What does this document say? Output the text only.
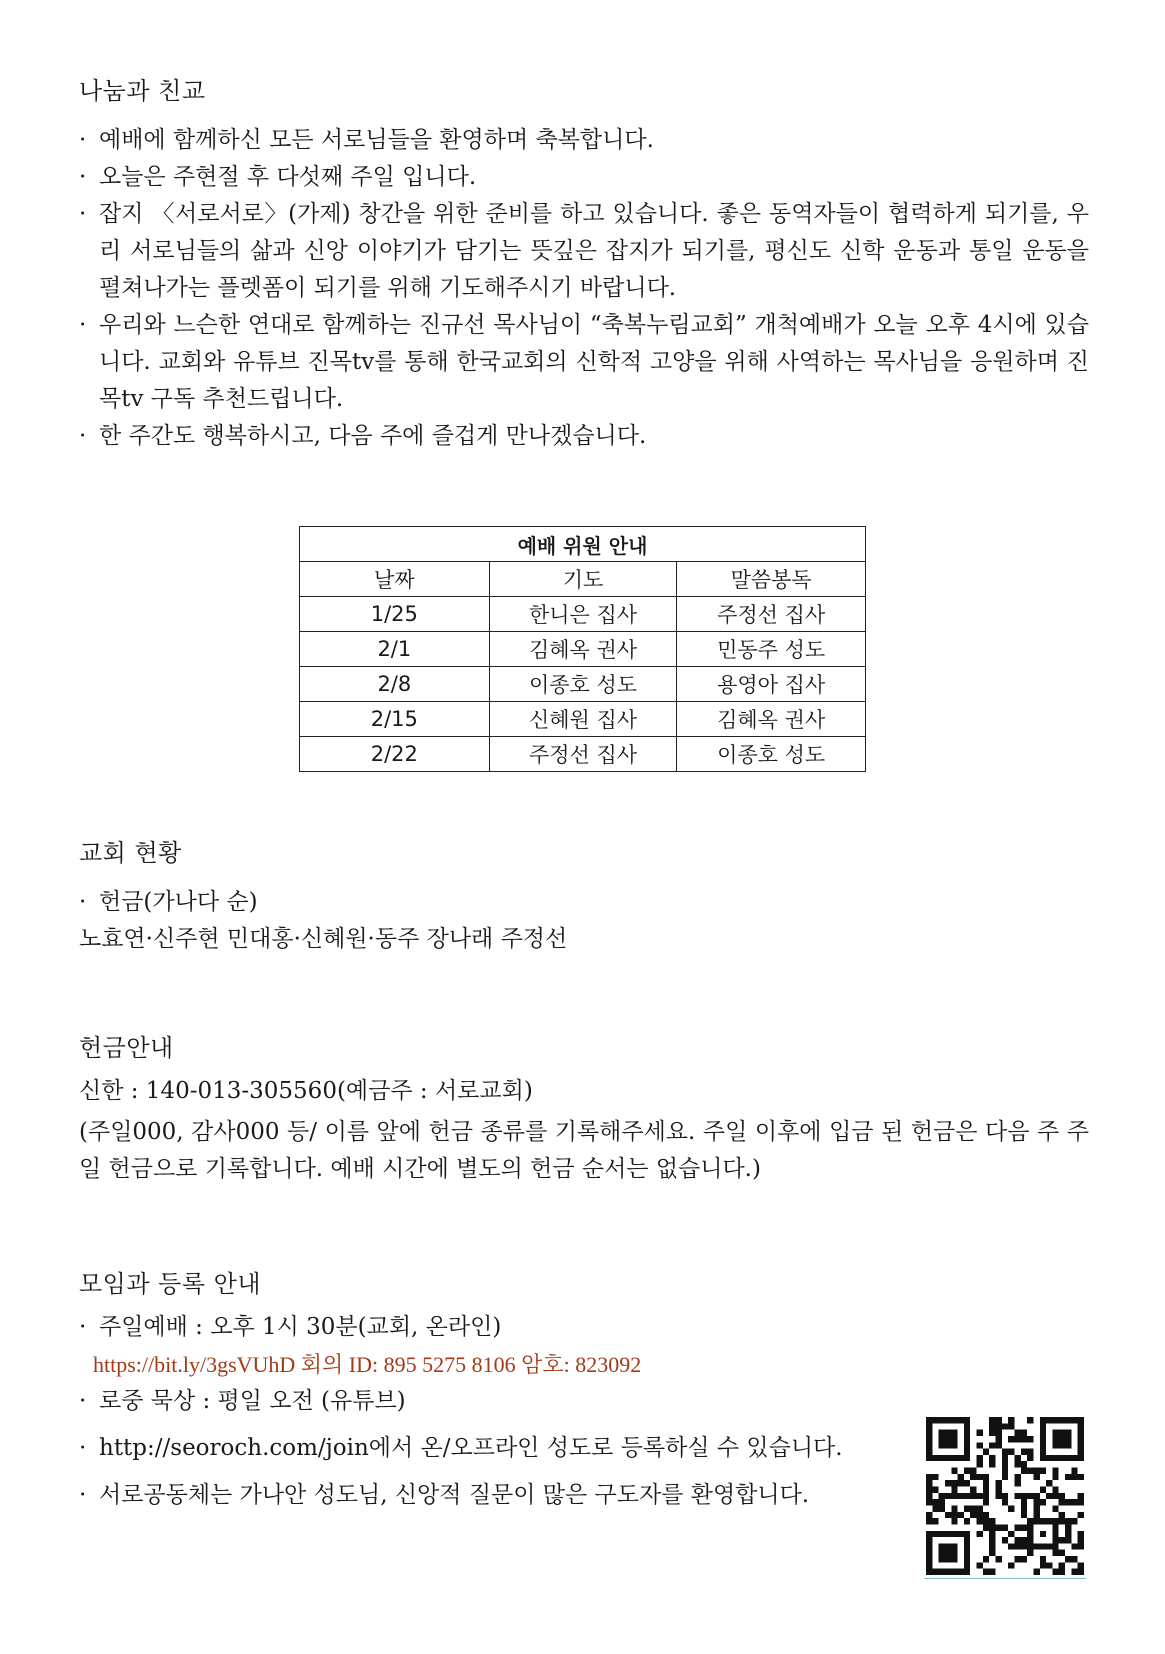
나눔과 친교
· 예배에 함께하신 모든 서로님들을 환영하며 축복합니다.
· 오늘은 주현절 후 다섯째 주일 입니다.
· 잡지 〈서로서로〉(가제) 창간을 위한 준비를 하고 있습니다. 좋은 동역자들이 협력하게 되기를, 우리 서로님들의 삶과 신앙 이야기가 담기는 뜻깊은 잡지가 되기를, 평신도 신학 운동과 통일 운동을 펼쳐나가는 플렛폼이 되기를 위해 기도해주시기 바랍니다.
· 우리와 느슨한 연대로 함께하는 진규선 목사님이 “축복누림교회” 개척예배가 오늘 오후 4시에 있습니다. 교회와 유튜브 진목tv를 통해 한국교회의 신학적 고양을 위해 사역하는 목사님을 응원하며 진목tv 구독 추천드립니다.
· 한 주간도 행복하시고, 다음 주에 즐겁게 만나겠습니다.
예배 위원 안내		
날짜	기도	말씀봉독
1/25	한니은 집사	주정선 집사
2/1	김혜옥 권사	민동주 성도
2/8	이종호 성도	용영아 집사
2/15	신혜원 집사	김혜옥 권사
2/22	주정선 집사	이종호 성도
교회 현황
· 헌금(가나다 순)
노효연·신주현 민대홍·신혜원·동주 장나래 주정선
헌금안내
신한 : 140-013-305560(예금주 : 서로교회)
(주일000, 감사000 등/ 이름 앞에 헌금 종류를 기록해주세요. 주일 이후에 입금 된 헌금은 다음 주 주일 헌금으로 기록합니다. 예배 시간에 별도의 헌금 순서는 없습니다.)
모임과 등록 안내
· 주일예배 : 오후 1시 30분(교회, 온라인)
https://bit.ly/3gsVUhD 회의 ID: 895 5275 8106 암호: 823092
· 로중 묵상 : 평일 오전 (유튜브)
· http://seoroch.com/join에서 온/오프라인 성도로 등록하실 수 있습니다.
· 서로공동체는 가나안 성도님, 신앙적 질문이 많은 구도자를 환영합니다.
